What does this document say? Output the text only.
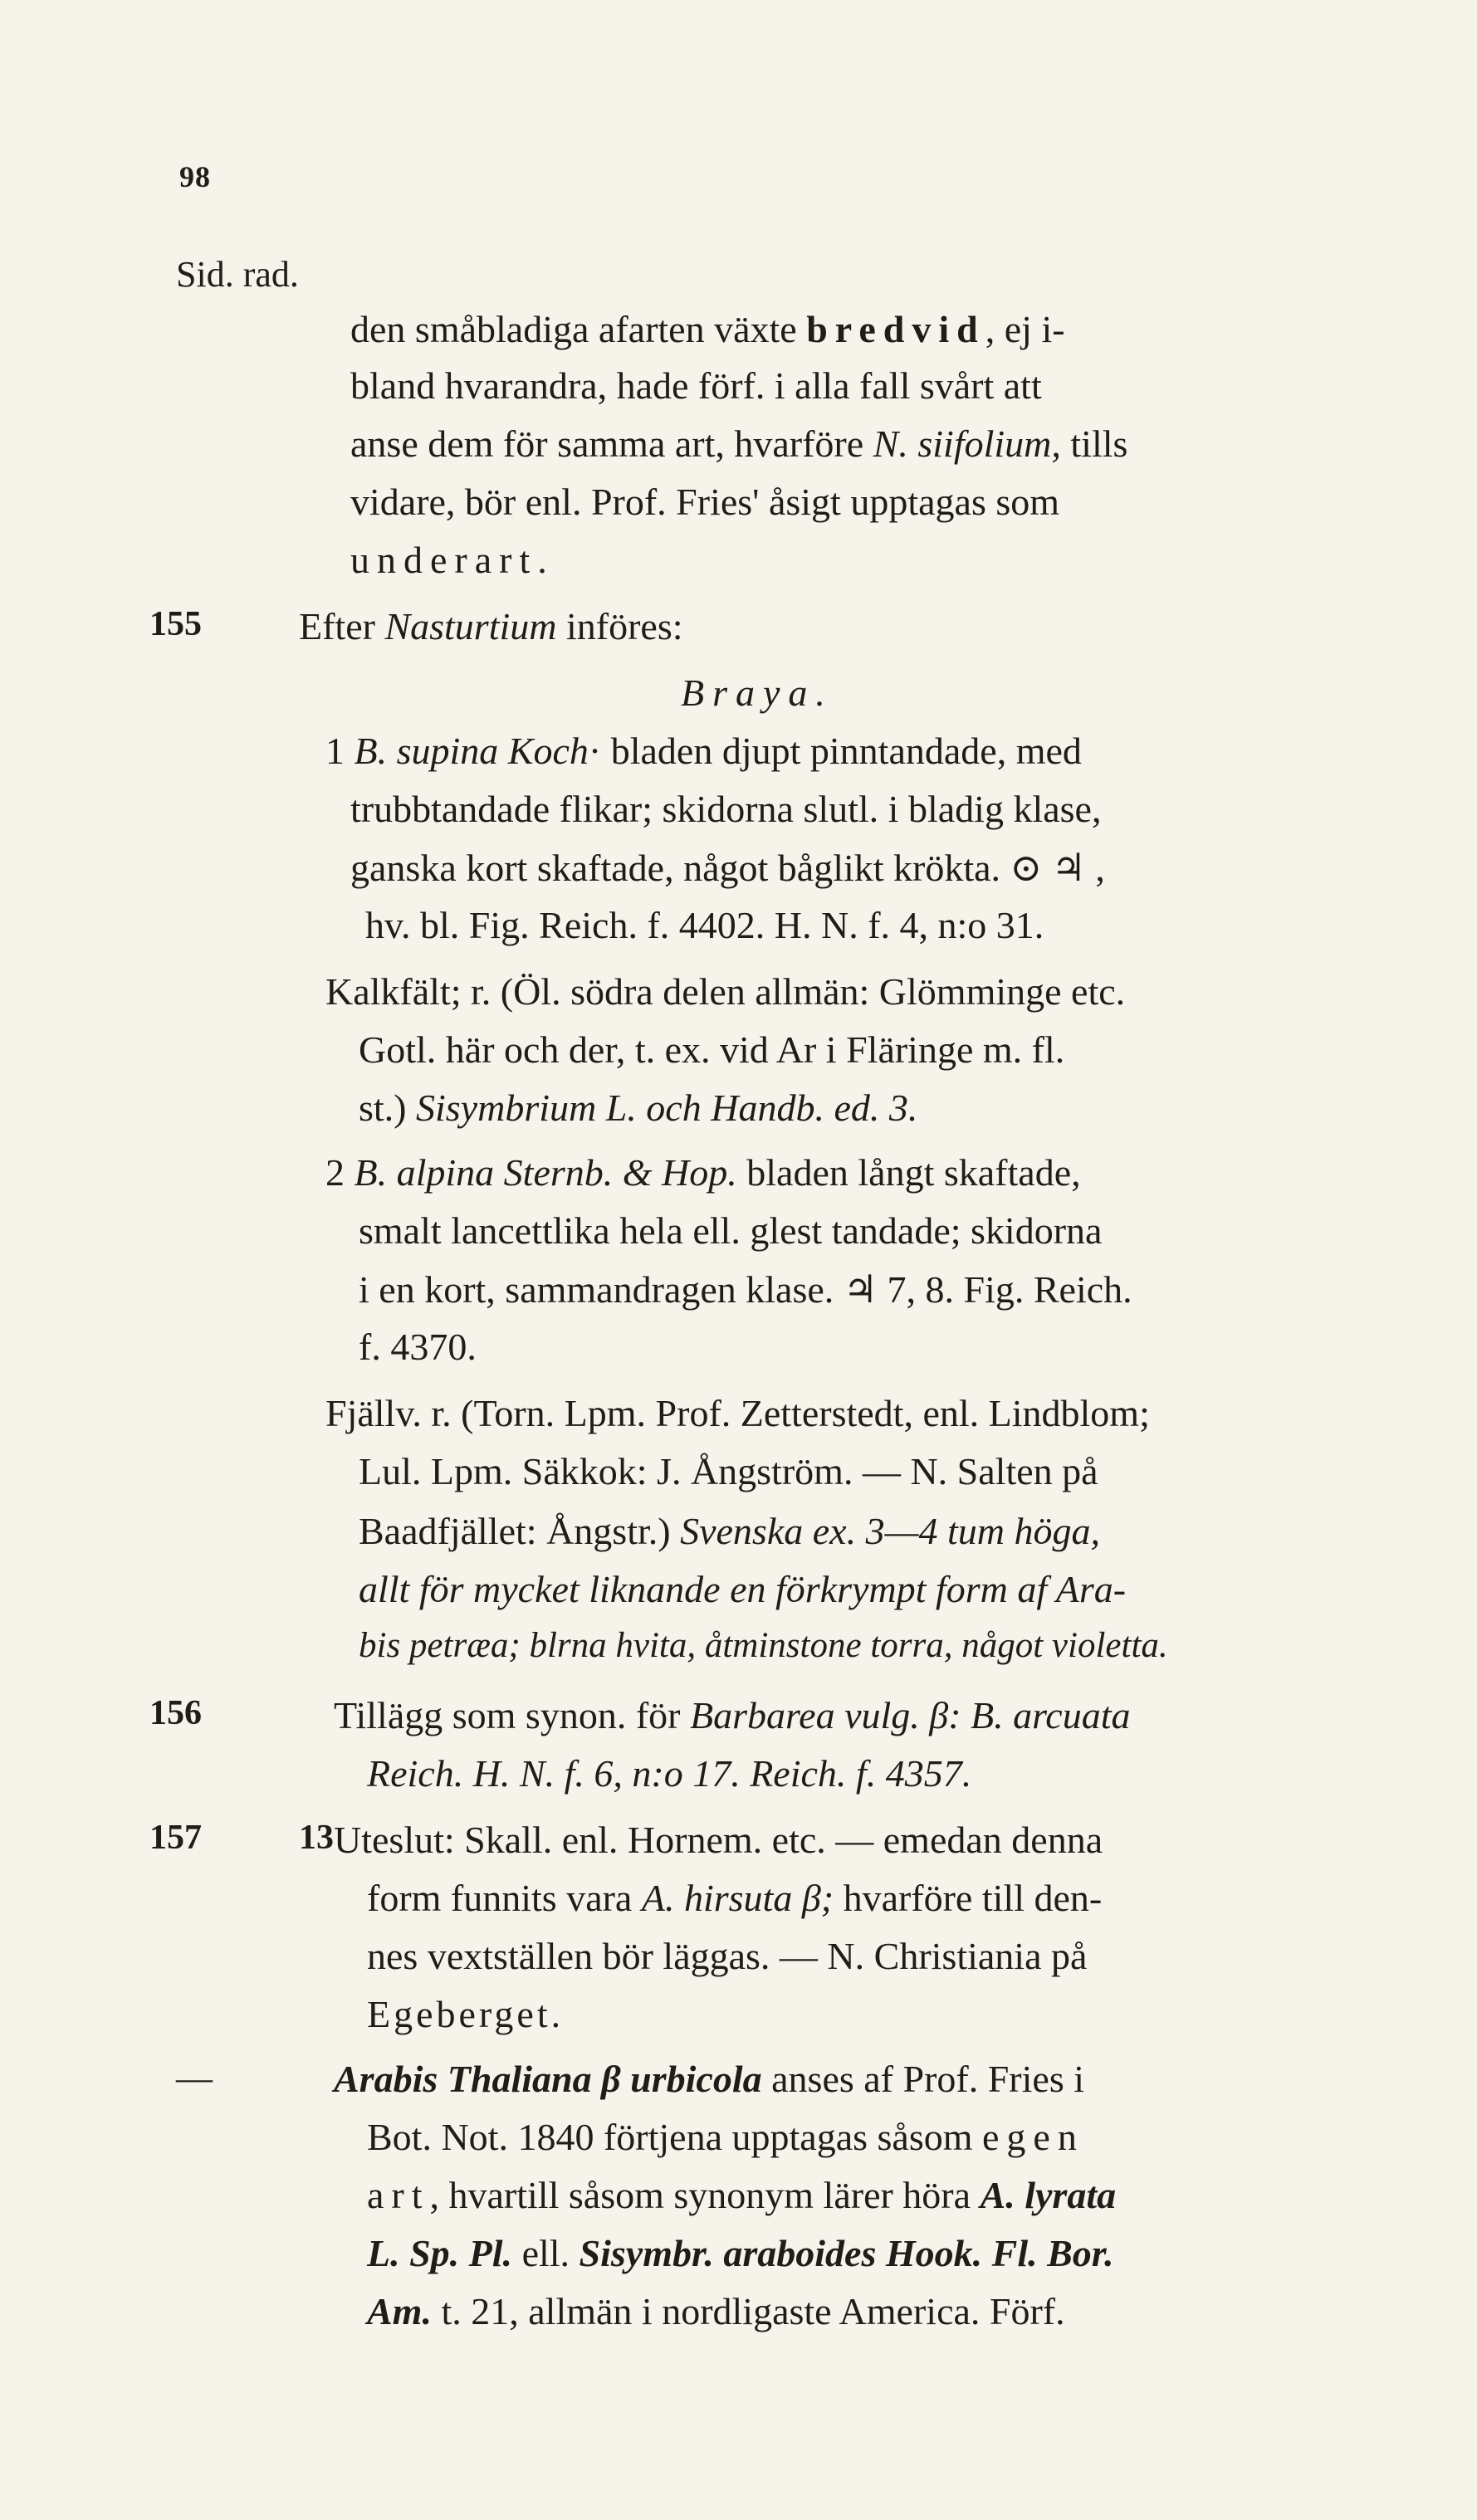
98
Sid. rad.
den småbladiga afarten växte bredvid, ej i-
bland hvarandra, hade förf. i alla fall svårt att
anse dem för samma art, hvarföre N. siifolium, tills
vidare, bör enl. Prof. Fries' åsigt upptagas som
underart.
155	Efter Nasturtium införes:
Braya.
1 B. supina Koch· bladen djupt pinntandade, med
trubbtandade flikar; skidorna slutl. i bladig klase,
ganska kort skaftade, något båglikt krökta. ⊙ ♃ ,
hv. bl. Fig. Reich. f. 4402. H. N. f. 4, n:o 31.
Kalkfält; r. (Öl. södra delen allmän: Glömminge etc.
Gotl. här och der, t. ex. vid Ar i Fläringe m. fl.
st.) Sisymbrium L. och Handb. ed. 3.
2 B. alpina Sternb. & Hop. bladen långt skaftade,
smalt lancettlika hela ell. glest tandade; skidorna
i en kort, sammandragen klase. ♃ 7, 8. Fig. Reich.
f. 4370.
Fjällv. r. (Torn. Lpm. Prof. Zetterstedt, enl. Lindblom;
Lul. Lpm. Säkkok: J. Ångström. — N. Salten på
Baadfjället: Ångstr.) Svenska ex. 3—4 tum höga,
allt för mycket liknande en förkrympt form af Ara-
bis petræa; blrna hvita, åtminstone torra, något violetta.
156	Tillägg som synon. för Barbarea vulg. β: B. arcuata
Reich. H. N. f. 6, n:o 17. Reich. f. 4357.
157	13 Uteslut: Skall. enl. Hornem. etc. — emedan denna
form funnits vara A. hirsuta β; hvarföre till den-
nes vextställen bör läggas. — N. Christiania på
Egeberget.
—	Arabis Thaliana β urbicola anses af Prof. Fries i
Bot. Not. 1840 förtjena upptagas såsom egen
art, hvartill såsom synonym lärer höra A. lyrata
L. Sp. Pl. ell. Sisymbr. araboides Hook. Fl. Bor.
Am. t. 21, allmän i nordligaste America. Förf.
